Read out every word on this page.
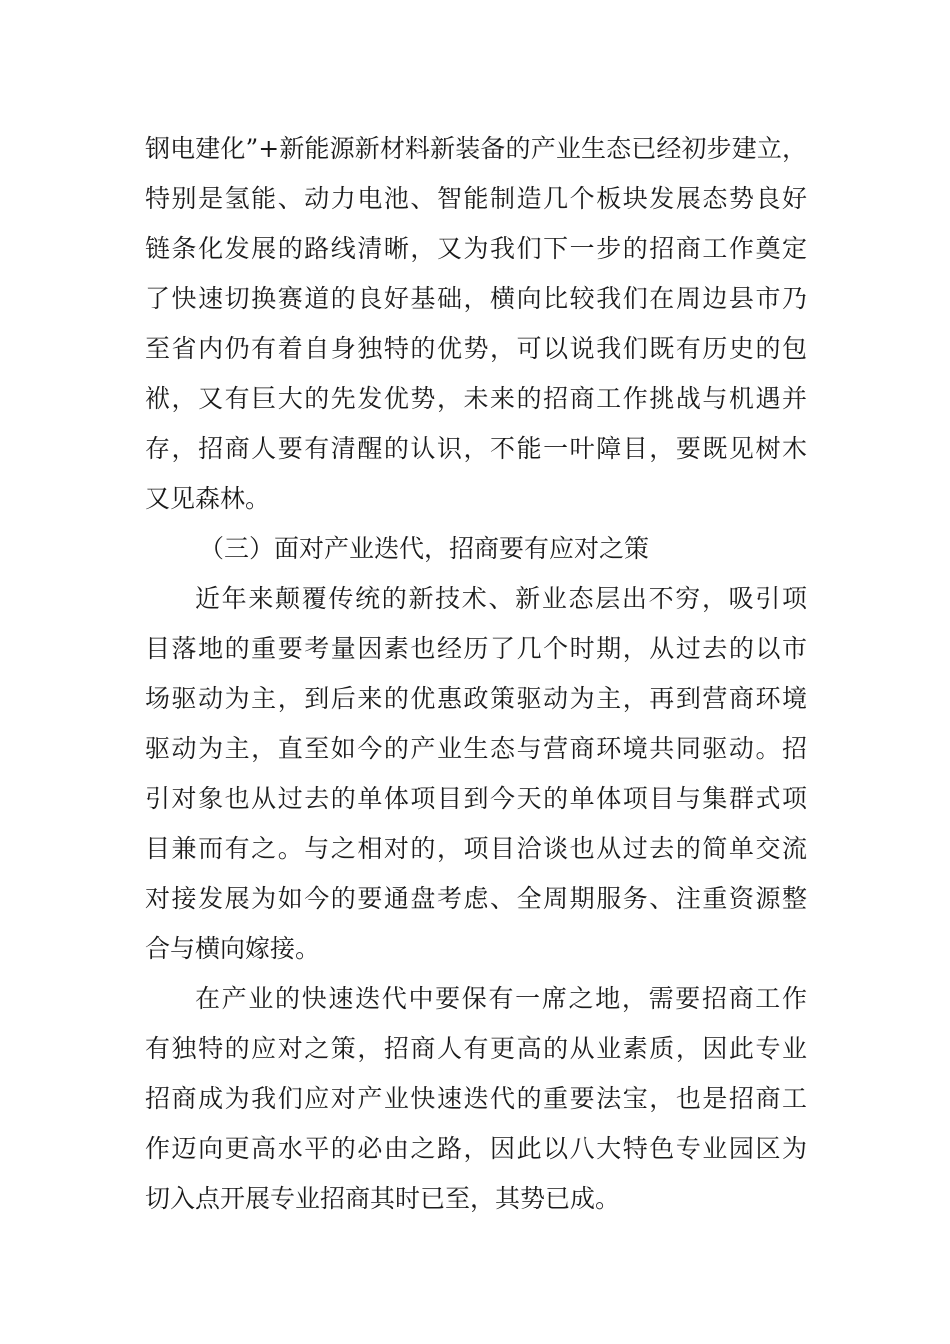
钢电建化”+新能源新材料新装备的产业生态已经初步建立，
特别是氢能、动力电池、智能制造几个板块发展态势良好
链条化发展的路线清晰，又为我们下一步的招商工作奠定
了快速切换赛道的良好基础，横向比较我们在周边县市乃
至省内仍有着自身独特的优势，可以说我们既有历史的包
袱，又有巨大的先发优势，未来的招商工作挑战与机遇并
存，招商人要有清醒的认识，不能一叶障目，要既见树木
又见森林。
（三）面对产业迭代，招商要有应对之策
近年来颠覆传统的新技术、新业态层出不穷，吸引项
目落地的重要考量因素也经历了几个时期，从过去的以市
场驱动为主，到后来的优惠政策驱动为主，再到营商环境
驱动为主，直至如今的产业生态与营商环境共同驱动。招
引对象也从过去的单体项目到今天的单体项目与集群式项
目兼而有之。与之相对的，项目洽谈也从过去的简单交流
对接发展为如今的要通盘考虑、全周期服务、注重资源整
合与横向嫁接。
在产业的快速迭代中要保有一席之地，需要招商工作
有独特的应对之策，招商人有更高的从业素质，因此专业
招商成为我们应对产业快速迭代的重要法宝，也是招商工
作迈向更高水平的必由之路，因此以八大特色专业园区为
切入点开展专业招商其时已至，其势已成。
